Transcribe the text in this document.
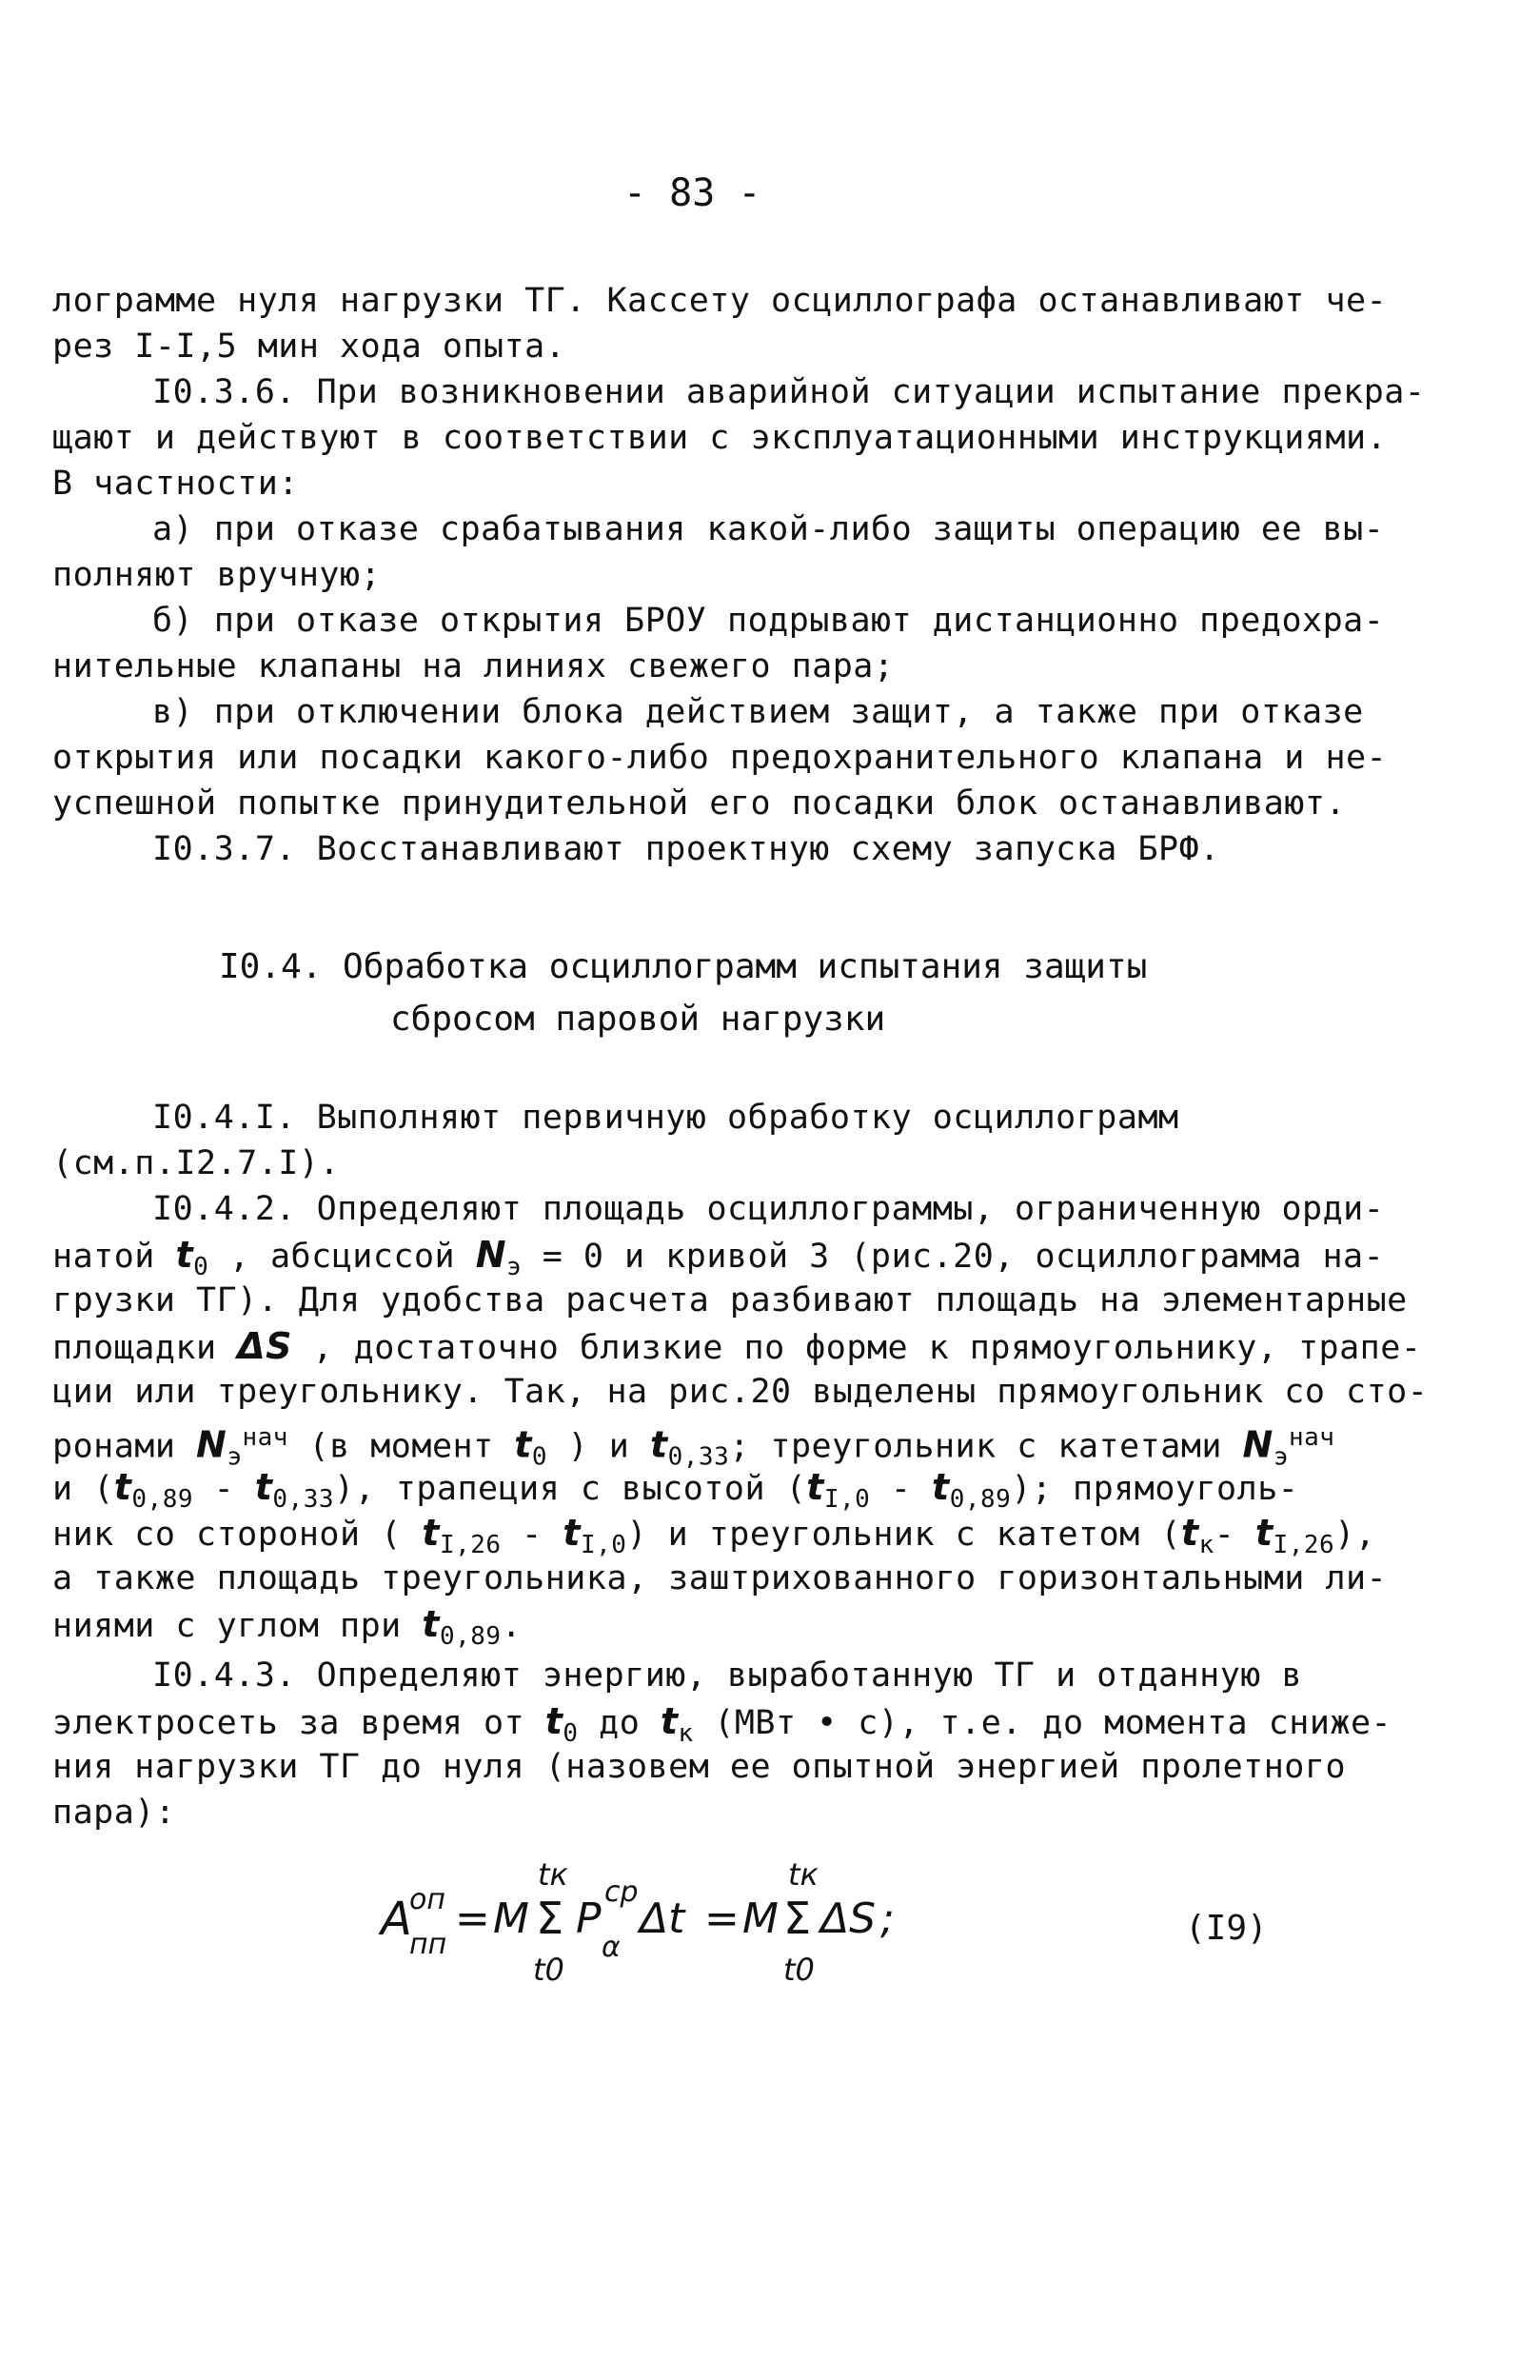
- 83 -
лограмме нуля нагрузки ТГ. Кассету осциллографа останавливают че-
рез I-I,5 мин хода опыта.
I0.3.6. При возникновении аварийной ситуации испытание прекра-
щают и действуют в соответствии с эксплуатационными инструкциями.
В частности:
а) при отказе срабатывания какой-либо защиты операцию ее вы-
полняют вручную;
б) при отказе открытия БРОУ подрывают дистанционно предохра-
нительные клапаны на линиях свежего пара;
в) при отключении блока действием защит, а также при отказе
открытия или посадки какого-либо предохранительного клапана и не-
успешной попытке принудительной его посадки блок останавливают.
I0.3.7. Восстанавливают проектную схему запуска БРФ.
I0.4. Обработка осциллограмм испытания защиты
сбросом паровой нагрузки
I0.4.I. Выполняют первичную обработку осциллограмм
(см.п.I2.7.I).
I0.4.2. Определяют площадь осциллограммы, ограниченную орди-
натой $t_0$ , абсциссой $N_э = 0$ и кривой 3 (рис.20, осциллограмма на-
грузки ТГ). Для удобства расчета разбивают площадь на элементарные
площадки ΔS , достаточно близкие по форме к прямоугольнику, трапе-
ции или треугольнику. Так, на рис.20 выделены прямоугольник со сто-
ронами $N_э^{нач}$ (в момент $t_0$ ) и $t_{0,33}$; треугольник с катетами $N_э^{нач}$
и $(t_{0,89} - t_{0,33})$, трапеция с высотой $(t_{I,0} - t_{0,89})$; прямоуголь-
ник со стороной ( $t_{I,26} - t_{I,0}$) и треугольник с катетом ($t_к-$ $t_{I,26}$),
а также площадь треугольника, заштрихованного горизонтальными ли-
ниями с углом при $t_{0,89}$.
I0.4.3. Определяют энергию, выработанную ТГ и отданную в
электросеть за время от $t_0$ до $t_к$ (МВт • с), т.е. до момента сниже-
ния нагрузки ТГ до нуля (назовем ее опытной энергией пролетного
пара):
A
оп
пп
= M Σ
tк
t0
P
ср
α
Δt = M Σ
tк
t0
ΔS ;	(I9)
